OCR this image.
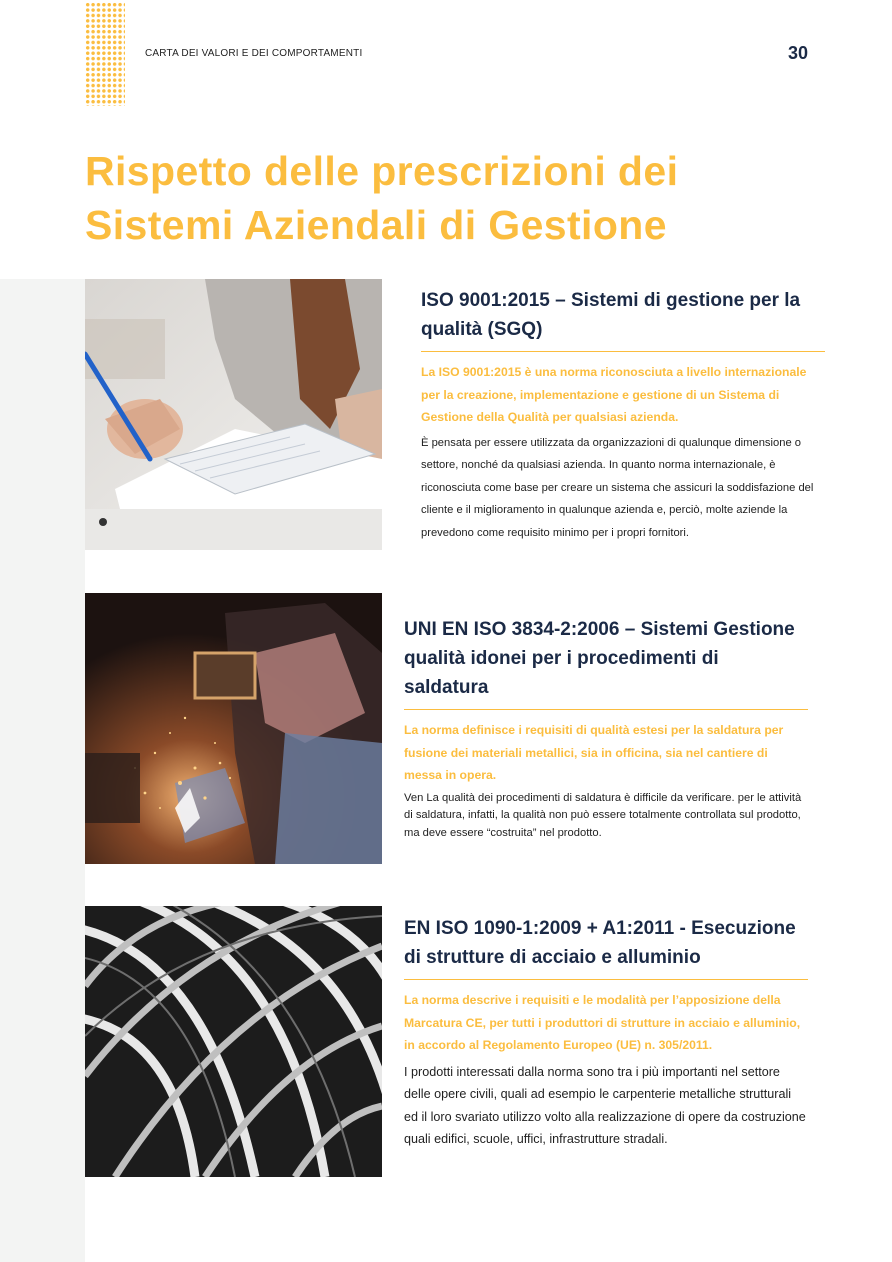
CARTA DEI VALORI E DEI COMPORTAMENTI	30
Rispetto delle prescrizioni dei
Sistemi Aziendali di Gestione
ISO 9001:2015 – Sistemi di gestione per la qualità (SGQ)

La ISO 9001:2015 è una norma riconosciuta a livello internazionale per la creazione, implementazione e gestione di un Sistema di Gestione della Qualità per qualsiasi azienda.

È pensata per essere utilizzata da organizzazioni di qualunque dimensione o settore, nonché da qualsiasi azienda. In quanto norma internazionale, è riconosciuta come base per creare un sistema che assicuri la soddisfazione del cliente e il miglioramento in qualunque azienda e, perciò, molte aziende la prevedono come requisito minimo per i propri fornitori.

UNI EN ISO 3834-2:2006 – Sistemi Gestione qualità idonei per i procedimenti di saldatura

La norma definisce i requisiti di qualità estesi per la saldatura per fusione dei materiali metallici, sia in officina, sia nel cantiere di messa in opera.

Ven La qualità dei procedimenti di saldatura è difficile da verificare. per le attività di saldatura, infatti, la qualità non può essere totalmente controllata sul prodotto, ma deve essere “costruita” nel prodotto.

EN ISO 1090-1:2009 + A1:2011 - Esecuzione di strutture di acciaio e alluminio

La norma descrive i requisiti e le modalità per l’apposizione della Marcatura CE, per tutti i produttori di strutture in acciaio e alluminio, in accordo al Regolamento Europeo (UE) n. 305/2011.

I prodotti interessati dalla norma sono tra i più importanti nel settore delle opere civili, quali ad esempio le carpenterie metalliche strutturali ed il loro svariato utilizzo volto alla realizzazione di opere da costruzione quali edifici, scuole, uffici, infrastrutture stradali.
